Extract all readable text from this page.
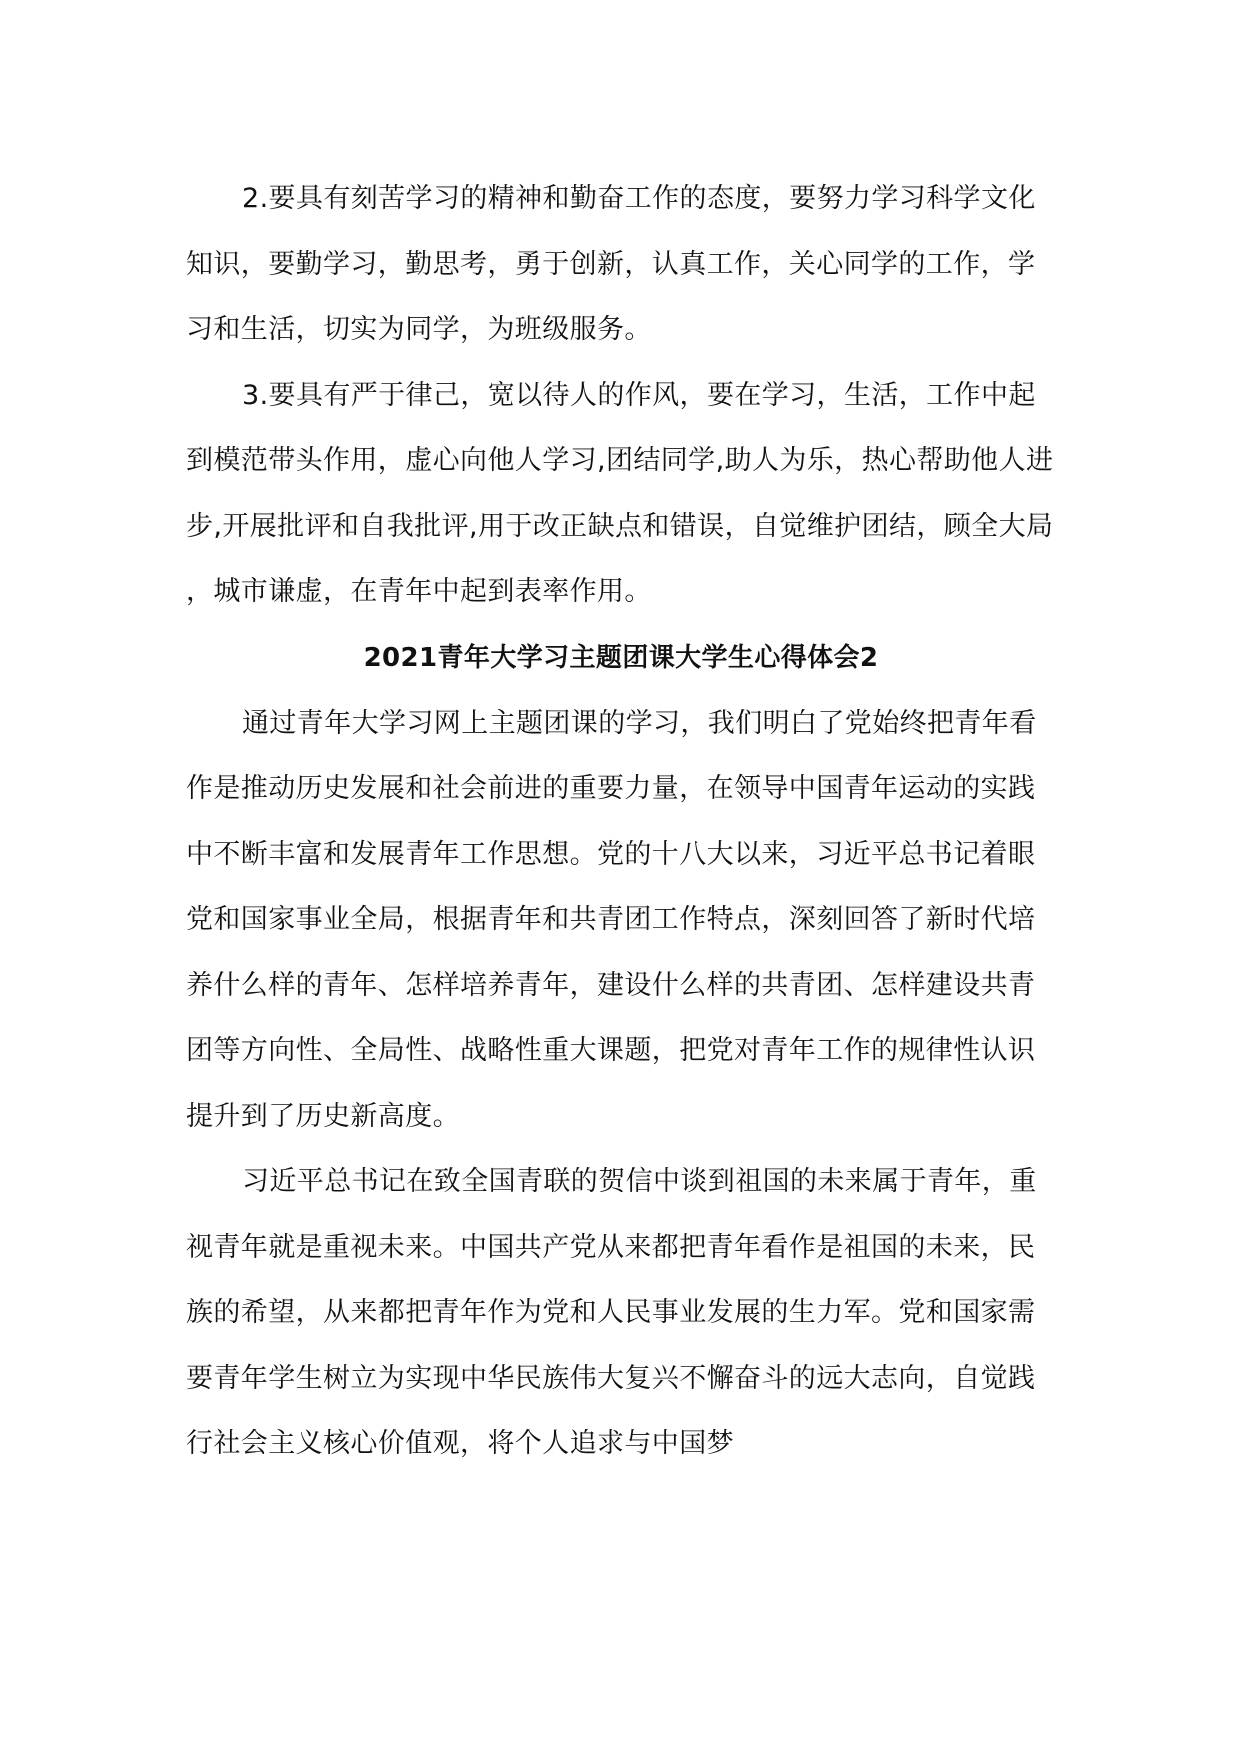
2.要具有刻苦学习的精神和勤奋工作的态度，要努力学习科学文化知识，要勤学习，勤思考，勇于创新，认真工作，关心同学的工作，学习和生活，切实为同学，为班级服务。

3.要具有严于律己，宽以待人的作风，要在学习，生活，工作中起到模范带头作用，虚心向他人学习,团结同学,助人为乐，热心帮助他人进步,开展批评和自我批评,用于改正缺点和错误，自觉维护团结，顾全大局，城市谦虚，在青年中起到表率作用。

2021青年大学习主题团课大学生心得体会2

通过青年大学习网上主题团课的学习，我们明白了党始终把青年看作是推动历史发展和社会前进的重要力量，在领导中国青年运动的实践中不断丰富和发展青年工作思想。党的十八大以来，习近平总书记着眼党和国家事业全局，根据青年和共青团工作特点，深刻回答了新时代培养什么样的青年、怎样培养青年，建设什么样的共青团、怎样建设共青团等方向性、全局性、战略性重大课题，把党对青年工作的规律性认识提升到了历史新高度。

习近平总书记在致全国青联的贺信中谈到祖国的未来属于青年，重视青年就是重视未来。中国共产党从来都把青年看作是祖国的未来，民族的希望，从来都把青年作为党和人民事业发展的生力军。党和国家需要青年学生树立为实现中华民族伟大复兴不懈奋斗的远大志向，自觉践行社会主义核心价值观，将个人追求与中国梦
